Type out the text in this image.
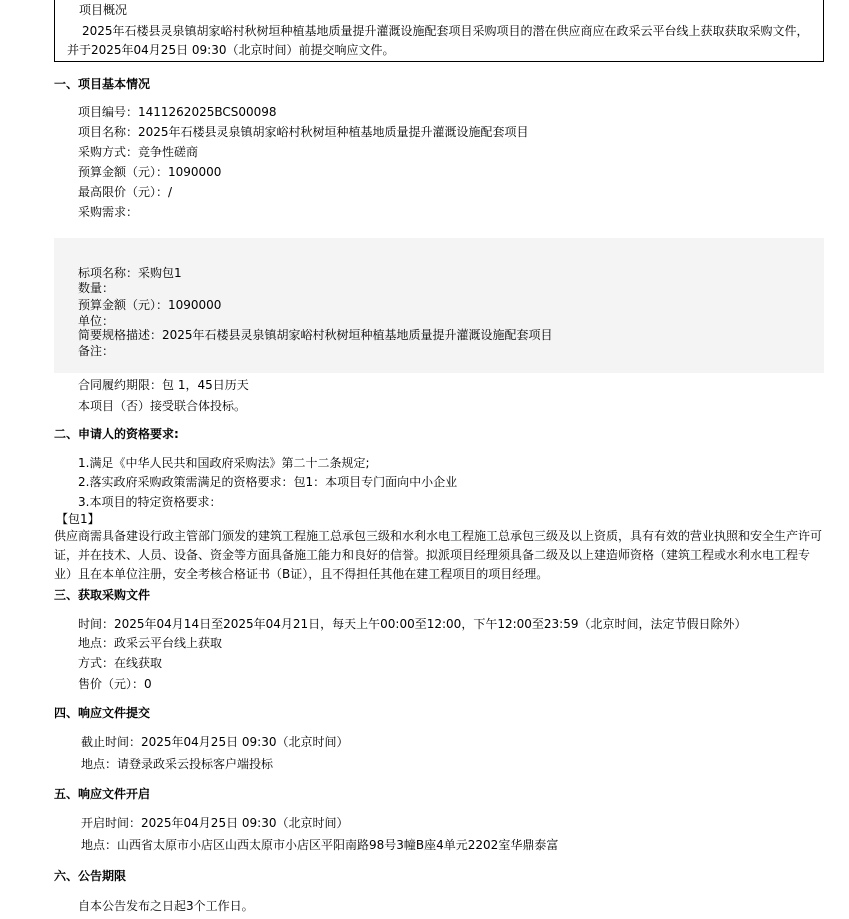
项目概况
2025年石楼县灵泉镇胡家峪村秋树垣种植基地质量提升灌溉设施配套项目采购项目的潜在供应商应在政采云平台线上获取获取采购文件，并于2025年04月25日 09:30（北京时间）前提交响应文件。
一、项目基本情况
项目编号：1411262025BCS00098
项目名称：2025年石楼县灵泉镇胡家峪村秋树垣种植基地质量提升灌溉设施配套项目
采购方式：竞争性磋商
预算金额（元）：1090000
最高限价（元）：/
采购需求：
标项名称：采购包1
数量：
预算金额（元）：1090000
单位：
简要规格描述：2025年石楼县灵泉镇胡家峪村秋树垣种植基地质量提升灌溉设施配套项目
备注：
合同履约期限：包 1，45日历天
本项目（否）接受联合体投标。
二、申请人的资格要求:
1.满足《中华人民共和国政府采购法》第二十二条规定;
2.落实政府采购政策需满足的资格要求：包1：本项目专门面向中小企业
3.本项目的特定资格要求：
【包1】
供应商需具备建设行政主管部门颁发的建筑工程施工总承包三级和水利水电工程施工总承包三级及以上资质，具有有效的营业执照和安全生产许可证，并在技术、人员、设备、资金等方面具备施工能力和良好的信誉。拟派项目经理须具备二级及以上建造师资格（建筑工程或水利水电工程专业）且在本单位注册，安全考核合格证书（B证），且不得担任其他在建工程项目的项目经理。
三、获取采购文件
时间：2025年04月14日至2025年04月21日，每天上午00:00至12:00，下午12:00至23:59（北京时间，法定节假日除外）
地点：政采云平台线上获取
方式：在线获取
售价（元）：0
四、响应文件提交
截止时间：2025年04月25日 09:30（北京时间）
地点：请登录政采云投标客户端投标
五、响应文件开启
开启时间：2025年04月25日 09:30（北京时间）
地点：山西省太原市小店区山西太原市小店区平阳南路98号3幢B座4单元2202室华鼎泰富
六、公告期限
自本公告发布之日起3个工作日。
